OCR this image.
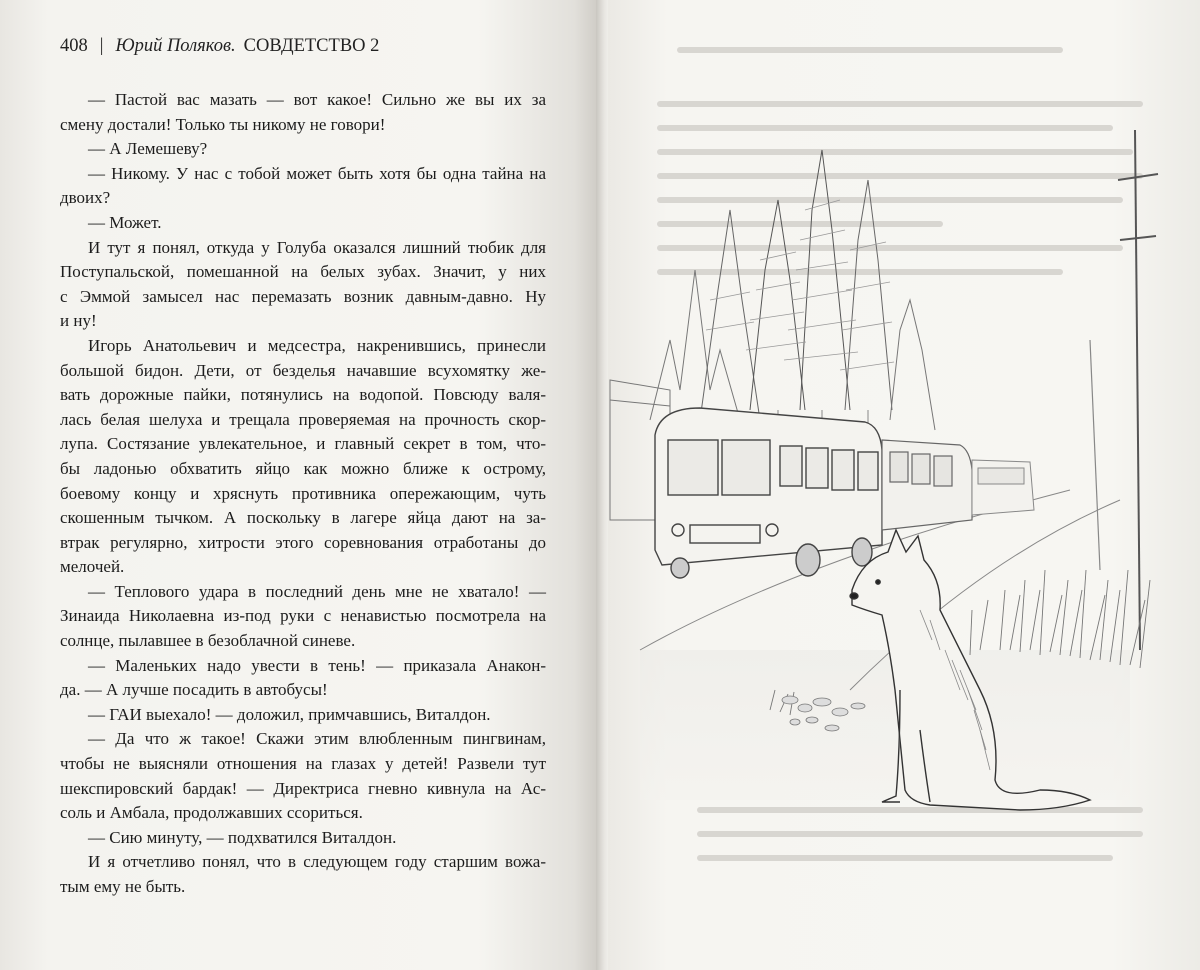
408 | Юрий Поляков. СОВДЕТСТВО 2
— Пастой вас мазать — вот какое! Сильно же вы их за
смену достали! Только ты никому не говори!
— А Лемешеву?
— Никому. У нас с тобой может быть хотя бы одна тайна на
двоих?
— Может.
И тут я понял, откуда у Голуба оказался лишний тюбик для
Поступальской, помешанной на белых зубах. Значит, у них
с Эммой замысел нас перемазать возник давным-давно. Ну
и ну!
Игорь Анатольевич и медсестра, накренившись, принесли
большой бидон. Дети, от безделья начавшие всухомятку же-
вать дорожные пайки, потянулись на водопой. Повсюду валя-
лась белая шелуха и трещала проверяемая на прочность скор-
лупа. Состязание увлекательное, и главный секрет в том, что-
бы ладонью обхватить яйцо как можно ближе к острому,
боевому концу и хряснуть противника опережающим, чуть
скошенным тычком. А поскольку в лагере яйца дают на за-
втрак регулярно, хитрости этого соревнования отработаны до
мелочей.
— Теплового удара в последний день мне не хватало! —
Зинаида Николаевна из-под руки с ненавистью посмотрела на
солнце, пылавшее в безоблачной синеве.
— Маленьких надо увести в тень! — приказала Анакон-
да. — А лучше посадить в автобусы!
— ГАИ выехало! — доложил, примчавшись, Виталдон.
— Да что ж такое! Скажи этим влюбленным пингвинам,
чтобы не выясняли отношения на глазах у детей! Развели тут
шекспировский бардак! — Директриса гневно кивнула на Ас-
соль и Амбала, продолжавших ссориться.
— Сию минуту, — подхватился Виталдон.
И я отчетливо понял, что в следующем году старшим вожа-
тым ему не быть.
